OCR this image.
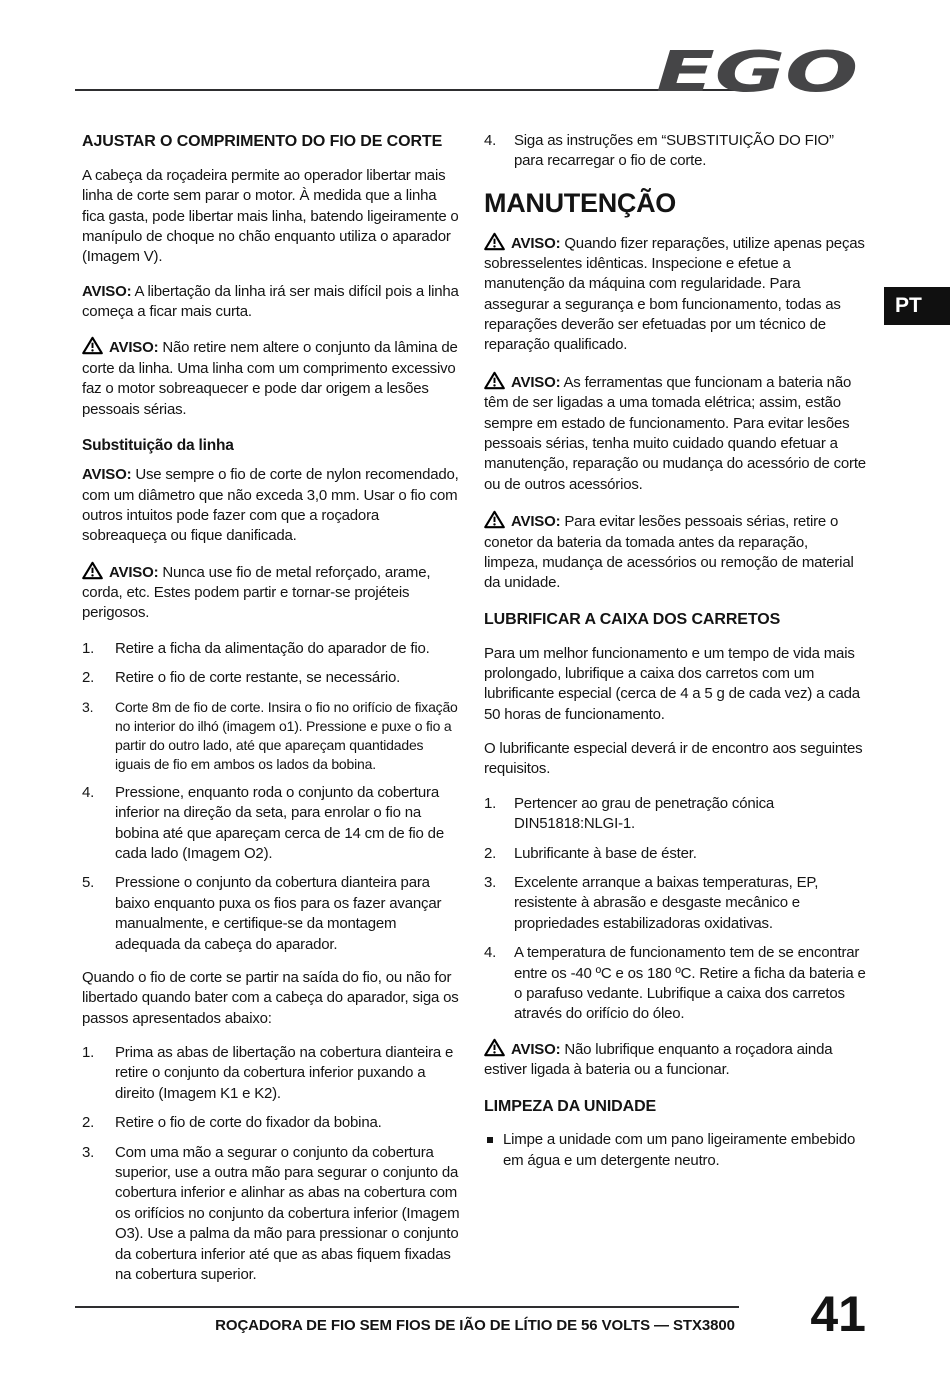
EGO
PT
AJUSTAR O COMPRIMENTO DO FIO DE CORTE

A cabeça da roçadeira permite ao operador libertar mais linha de corte sem parar o motor. À medida que a linha fica gasta, pode libertar mais linha, batendo ligeiramente o manípulo de choque no chão enquanto utiliza o aparador (Imagem V).

AVISO: A libertação da linha irá ser mais difícil pois a linha começa a ficar mais curta.

AVISO: Não retire nem altere o conjunto da lâmina de corte da linha. Uma linha com um comprimento excessivo faz o motor sobreaquecer e pode dar origem a lesões pessoais sérias.

Substituição da linha

AVISO: Use sempre o fio de corte de nylon recomendado, com um diâmetro que não exceda 3,0 mm. Usar o fio com outros intuitos pode fazer com que a roçadora sobreaqueça ou fique danificada.

AVISO: Nunca use fio de metal reforçado, arame, corda, etc. Estes podem partir e tornar-se projéteis perigosos.

1.	Retire a ficha da alimentação do aparador de fio.
2.	Retire o fio de corte restante, se necessário.
3.	Corte 8m de fio de corte. Insira o fio no orifício de fixação no interior do ilhó (imagem o1). Pressione e puxe o fio a partir do outro lado, até que apareçam quantidades iguais de fio em ambos os lados da bobina.
4.	Pressione, enquanto roda o conjunto da cobertura inferior na direção da seta, para enrolar o fio na bobina até que apareçam cerca de 14 cm de fio de cada lado (Imagem O2).
5.	Pressione o conjunto da cobertura dianteira para baixo enquanto puxa os fios para os fazer avançar manualmente, e certifique-se da montagem adequada da cabeça do aparador.

Quando o fio de corte se partir na saída do fio, ou não for libertado quando bater com a cabeça do aparador, siga os passos apresentados abaixo:

1.	Prima as abas de libertação na cobertura dianteira e retire o conjunto da cobertura inferior puxando a direito (Imagem K1 e K2).
2.	Retire o fio de corte do fixador da bobina.
3.	Com uma mão a segurar o conjunto da cobertura superior, use a outra mão para segurar o conjunto da cobertura inferior e alinhar as abas na cobertura com os orifícios no conjunto da cobertura inferior (Imagem O3). Use a palma da mão para pressionar o conjunto da cobertura inferior até que as abas fiquem fixadas na cobertura superior.
4.	Siga as instruções em “SUBSTITUIÇÃO DO FIO” para recarregar o fio de corte.
MANUTENÇÃO

AVISO: Quando fizer reparações, utilize apenas peças sobresselentes idênticas. Inspecione e efetue a manutenção da máquina com regularidade. Para assegurar a segurança e bom funcionamento, todas as reparações deverão ser efetuadas por um técnico de reparação qualificado.

AVISO: As ferramentas que funcionam a bateria não têm de ser ligadas a uma tomada elétrica; assim, estão sempre em estado de funcionamento. Para evitar lesões pessoais sérias, tenha muito cuidado quando efetuar a manutenção, reparação ou mudança do acessório de corte ou de outros acessórios.

AVISO: Para evitar lesões pessoais sérias, retire o conetor da bateria da tomada antes da reparação, limpeza, mudança de acessórios ou remoção de material da unidade.

LUBRIFICAR A CAIXA DOS CARRETOS

Para um melhor funcionamento e um tempo de vida mais prolongado, lubrifique a caixa dos carretos com um lubrificante especial (cerca de 4 a 5 g de cada vez) a cada 50 horas de funcionamento.

O lubrificante especial deverá ir de encontro aos seguintes requisitos.

1.	Pertencer ao grau de penetração cónica DIN51818:NLGI-1.
2.	Lubrificante à base de éster.
3.	Excelente arranque a baixas temperaturas, EP, resistente à abrasão e desgaste mecânico e propriedades estabilizadoras oxidativas.
4.	A temperatura de funcionamento tem de se encontrar entre os -40 ºC e os 180 ºC. Retire a ficha da bateria e o parafuso vedante. Lubrifique a caixa dos carretos através do orifício do óleo.

AVISO: Não lubrifique enquanto a roçadora ainda estiver ligada à bateria ou a funcionar.

LIMPEZA DA UNIDADE
Limpe a unidade com um pano ligeiramente embebido em água e um detergente neutro.
ROÇADORA DE FIO SEM FIOS DE IÃO DE LÍTIO DE 56 VOLTS — STX3800	41
